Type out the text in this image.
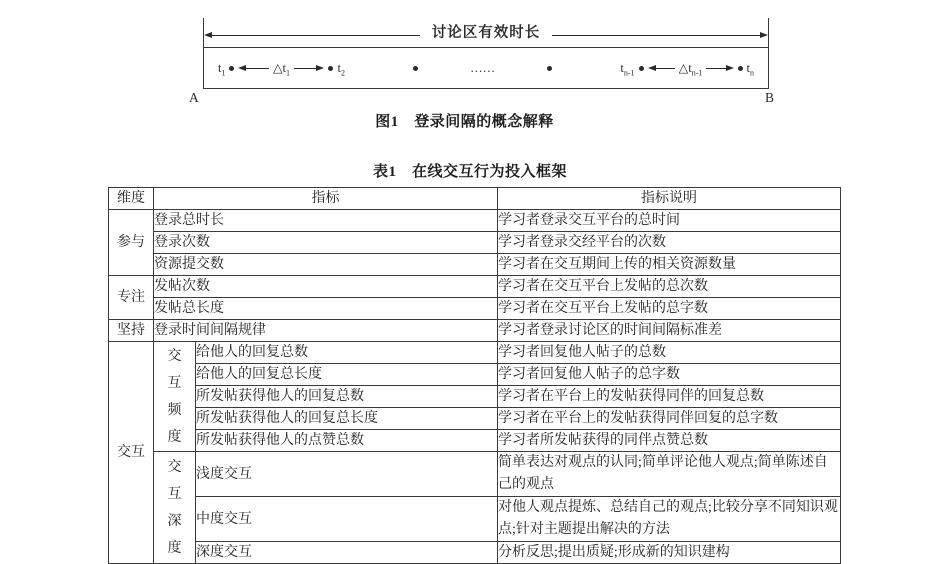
讨论区有效时长
$t_1$	$\triangle t_1$	$t_2$	……	$t_{n-1}$	$\triangle t_{n-1}$	$t_n$
A	B
图1　登录间隔的概念解释
表1　在线交互行为投入框架
维度	指标		指标说明
参与	登录总时长		学习者登录交互平台的总时间
	登录次数		学习者登录交经平台的次数
	资源提交数		学习者在交互期间上传的相关资源数量
专注	发帖次数		学习者在交互平台上发帖的总次数
	发帖总长度		学习者在交互平台上发帖的总字数
坚持	登录时间间隔规律		学习者登录讨论区的时间间隔标准差
交互	交互频度	给他人的回复总数	学习者回复他人帖子的总数
		给他人的回复总长度	学习者回复他人帖子的总字数
		所发帖获得他人的回复总数	学习者在平台上的发帖获得同伴的回复总数
		所发帖获得他人的回复总长度	学习者在平台上的发帖获得同伴回复的总字数
		所发帖获得他人的点赞总数	学习者所发帖获得的同伴点赞总数

	交互深度	浅度交互	简单表达对观点的认同;简单评论他人观点;简单陈述自己的观点
		中度交互	对他人观点提炼、总结自己的观点;比较分享不同知识观点;针对主题提出解决的方法
		深度交互	分析反思;提出质疑;形成新的知识建构
